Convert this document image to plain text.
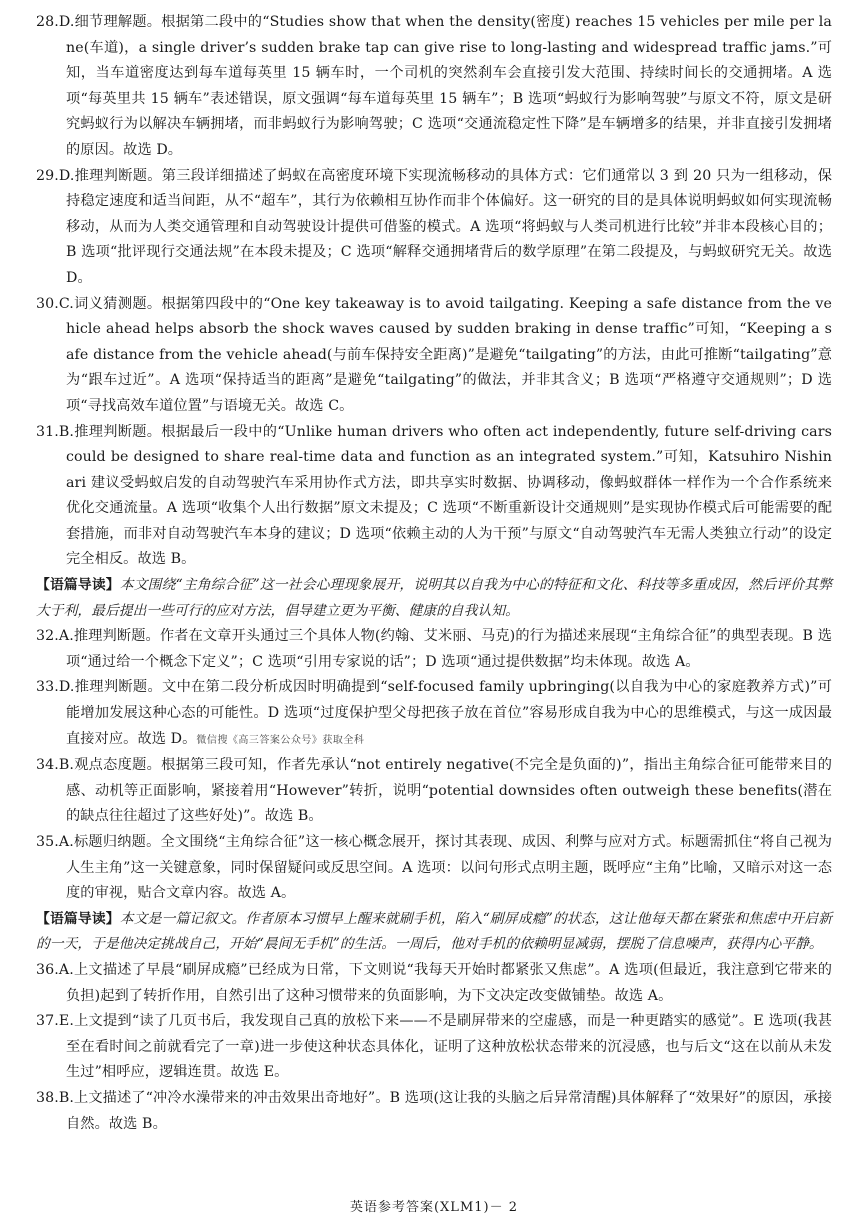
28.D.细节理解题。根据第二段中的“Studies show that when the density(密度) reaches 15 vehicles per mile per lane(车道)，a single driver’s sudden brake tap can give rise to long-lasting and widespread traffic jams.”可知，当车道密度达到每车道每英里 15 辆车时，一个司机的突然刹车会直接引发大范围、持续时间长的交通拥堵。A 选项“每英里共 15 辆车”表述错误，原文强调“每车道每英里 15 辆车”；B 选项“蚂蚁行为影响驾驶”与原文不符，原文是研究蚂蚁行为以解决车辆拥堵，而非蚂蚁行为影响驾驶；C 选项“交通流稳定性下降”是车辆增多的结果，并非直接引发拥堵的原因。故选 D。

29.D.推理判断题。第三段详细描述了蚂蚁在高密度环境下实现流畅移动的具体方式：它们通常以 3 到 20 只为一组移动，保持稳定速度和适当间距，从不“超车”，其行为依赖相互协作而非个体偏好。这一研究的目的是具体说明蚂蚁如何实现流畅移动，从而为人类交通管理和自动驾驶设计提供可借鉴的模式。A 选项“将蚂蚁与人类司机进行比较”并非本段核心目的；B 选项“批评现行交通法规”在本段未提及；C 选项“解释交通拥堵背后的数学原理”在第二段提及，与蚂蚁研究无关。故选 D。

30.C.词义猜测题。根据第四段中的“One key takeaway is to avoid tailgating. Keeping a safe distance from the vehicle ahead helps absorb the shock waves caused by sudden braking in dense traffic”可知，“Keeping a safe distance from the vehicle ahead(与前车保持安全距离)”是避免“tailgating”的方法，由此可推断“tailgating”意为“跟车过近”。A 选项“保持适当的距离”是避免“tailgating”的做法，并非其含义；B 选项“严格遵守交通规则”；D 选项“寻找高效车道位置”与语境无关。故选 C。

31.B.推理判断题。根据最后一段中的“Unlike human drivers who often act independently, future self-driving cars could be designed to share real-time data and function as an integrated system.”可知，Katsuhiro Nishinari 建议受蚂蚁启发的自动驾驶汽车采用协作式方法，即共享实时数据、协调移动，像蚂蚁群体一样作为一个合作系统来优化交通流量。A 选项“收集个人出行数据”原文未提及；C 选项“不断重新设计交通规则”是实现协作模式后可能需要的配套措施，而非对自动驾驶汽车本身的建议；D 选项“依赖主动的人为干预”与原文“自动驾驶汽车无需人类独立行动”的设定完全相反。故选 B。

【语篇导读】本文围绕“主角综合征”这一社会心理现象展开，说明其以自我为中心的特征和文化、科技等多重成因，然后评价其弊大于利，最后提出一些可行的应对方法，倡导建立更为平衡、健康的自我认知。

32.A.推理判断题。作者在文章开头通过三个具体人物(约翰、艾米丽、马克)的行为描述来展现“主角综合征”的典型表现。B 选项“通过给一个概念下定义”；C 选项“引用专家说的话”；D 选项“通过提供数据”均未体现。故选 A。

33.D.推理判断题。文中在第二段分析成因时明确提到“self-focused family upbringing(以自我为中心的家庭教养方式)”可能增加发展这种心态的可能性。D 选项“过度保护型父母把孩子放在首位”容易形成自我为中心的思维模式，与这一成因最直接对应。故选 D。微信搜《高三答案公众号》获取全科

34.B.观点态度题。根据第三段可知，作者先承认“not entirely negative(不完全是负面的)”，指出主角综合征可能带来目的感、动机等正面影响，紧接着用“However”转折，说明“potential downsides often outweigh these benefits(潜在的缺点往往超过了这些好处)”。故选 B。

35.A.标题归纳题。全文围绕“主角综合征”这一核心概念展开，探讨其表现、成因、利弊与应对方式。标题需抓住“将自己视为人生主角”这一关键意象，同时保留疑问或反思空间。A 选项：以问句形式点明主题，既呼应“主角”比喻，又暗示对这一态度的审视，贴合文章内容。故选 A。

【语篇导读】本文是一篇记叙文。作者原本习惯早上醒来就刷手机，陷入“刷屏成瘾”的状态，这让他每天都在紧张和焦虑中开启新的一天，于是他决定挑战自己，开始“晨间无手机”的生活。一周后，他对手机的依赖明显减弱，摆脱了信息噪声，获得内心平静。

36.A.上文描述了早晨“刷屏成瘾”已经成为日常，下文则说“我每天开始时都紧张又焦虑”。A 选项(但最近，我注意到它带来的负担)起到了转折作用，自然引出了这种习惯带来的负面影响，为下文决定改变做铺垫。故选 A。

37.E.上文提到“读了几页书后，我发现自己真的放松下来——不是刷屏带来的空虚感，而是一种更踏实的感觉”。E 选项(我甚至在看时间之前就看完了一章)进一步使这种状态具体化，证明了这种放松状态带来的沉浸感，也与后文“这在以前从未发生过”相呼应，逻辑连贯。故选 E。

38.B.上文描述了“冲冷水澡带来的冲击效果出奇地好”。B 选项(这让我的头脑之后异常清醒)具体解释了“效果好”的原因，承接自然。故选 B。

英语参考答案(XLM1)－ 2
